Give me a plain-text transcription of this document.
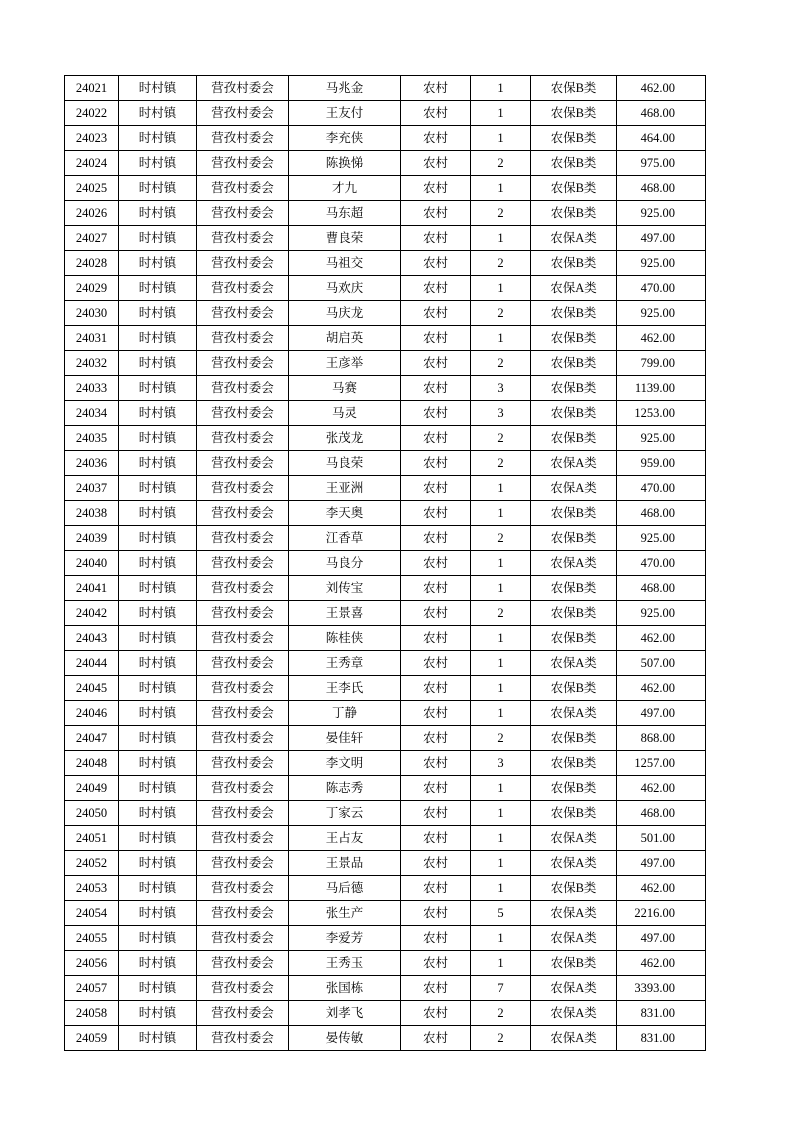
24021	时村镇	营孜村委会	马兆金	农村	1	农保B类	462.00
24022	时村镇	营孜村委会	王友付	农村	1	农保B类	468.00
24023	时村镇	营孜村委会	李充侠	农村	1	农保B类	464.00
24024	时村镇	营孜村委会	陈换悌	农村	2	农保B类	975.00
24025	时村镇	营孜村委会	才九	农村	1	农保B类	468.00
24026	时村镇	营孜村委会	马东超	农村	2	农保B类	925.00
24027	时村镇	营孜村委会	曹良荣	农村	1	农保A类	497.00
24028	时村镇	营孜村委会	马祖交	农村	2	农保B类	925.00
24029	时村镇	营孜村委会	马欢庆	农村	1	农保A类	470.00
24030	时村镇	营孜村委会	马庆龙	农村	2	农保B类	925.00
24031	时村镇	营孜村委会	胡启英	农村	1	农保B类	462.00
24032	时村镇	营孜村委会	王彦举	农村	2	农保B类	799.00
24033	时村镇	营孜村委会	马赛	农村	3	农保B类	1139.00
24034	时村镇	营孜村委会	马灵	农村	3	农保B类	1253.00
24035	时村镇	营孜村委会	张茂龙	农村	2	农保B类	925.00
24036	时村镇	营孜村委会	马良荣	农村	2	农保A类	959.00
24037	时村镇	营孜村委会	王亚洲	农村	1	农保A类	470.00
24038	时村镇	营孜村委会	李天奥	农村	1	农保B类	468.00
24039	时村镇	营孜村委会	江香草	农村	2	农保B类	925.00
24040	时村镇	营孜村委会	马良分	农村	1	农保A类	470.00
24041	时村镇	营孜村委会	刘传宝	农村	1	农保B类	468.00
24042	时村镇	营孜村委会	王景喜	农村	2	农保B类	925.00
24043	时村镇	营孜村委会	陈桂侠	农村	1	农保B类	462.00
24044	时村镇	营孜村委会	王秀章	农村	1	农保A类	507.00
24045	时村镇	营孜村委会	王李氏	农村	1	农保B类	462.00
24046	时村镇	营孜村委会	丁静	农村	1	农保A类	497.00
24047	时村镇	营孜村委会	晏佳轩	农村	2	农保B类	868.00
24048	时村镇	营孜村委会	李文明	农村	3	农保B类	1257.00
24049	时村镇	营孜村委会	陈志秀	农村	1	农保B类	462.00
24050	时村镇	营孜村委会	丁家云	农村	1	农保B类	468.00
24051	时村镇	营孜村委会	王占友	农村	1	农保A类	501.00
24052	时村镇	营孜村委会	王景品	农村	1	农保A类	497.00
24053	时村镇	营孜村委会	马后德	农村	1	农保B类	462.00
24054	时村镇	营孜村委会	张生产	农村	5	农保A类	2216.00
24055	时村镇	营孜村委会	李爱芳	农村	1	农保A类	497.00
24056	时村镇	营孜村委会	王秀玉	农村	1	农保B类	462.00
24057	时村镇	营孜村委会	张国栋	农村	7	农保A类	3393.00
24058	时村镇	营孜村委会	刘孝飞	农村	2	农保A类	831.00
24059	时村镇	营孜村委会	晏传敏	农村	2	农保A类	831.00
